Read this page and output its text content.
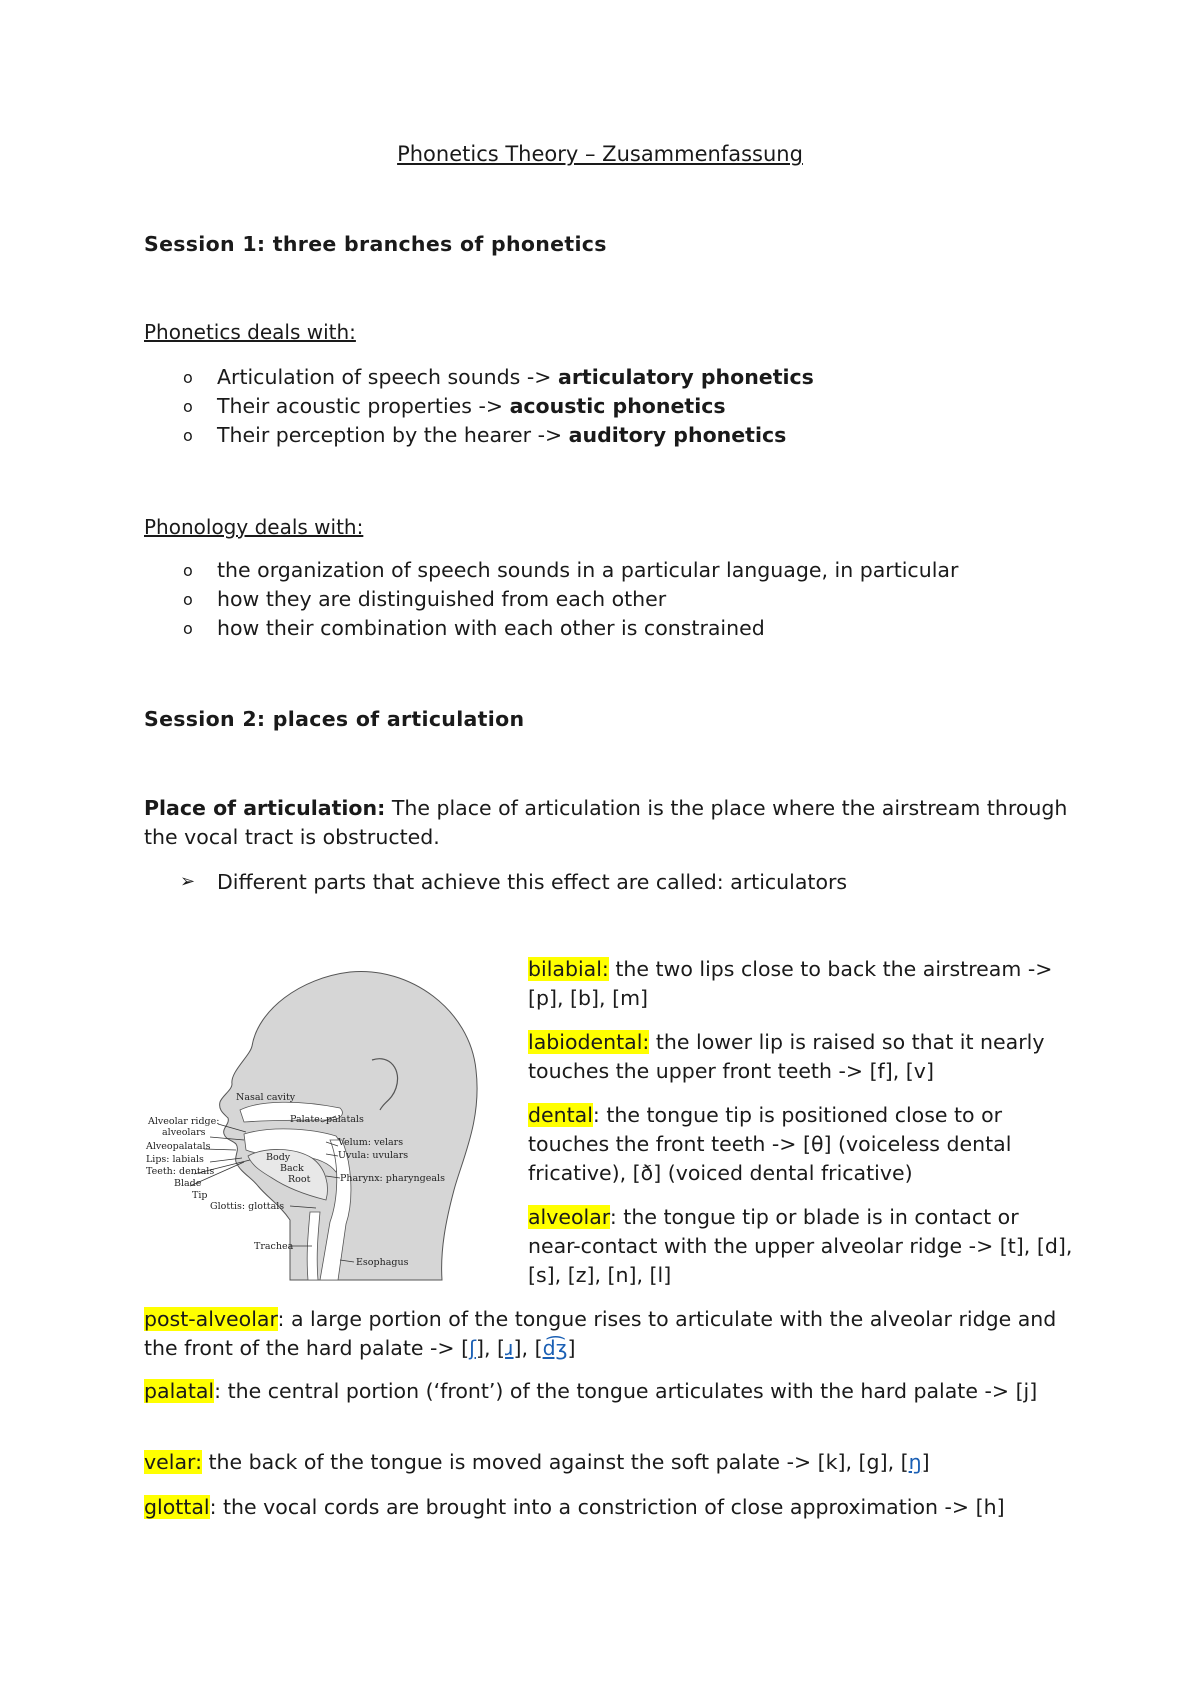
Phonetics Theory – Zusammenfassung
Session 1: three branches of phonetics
Phonetics deals with:
o Articulation of speech sounds -> articulatory phonetics
o Their acoustic properties -> acoustic phonetics
o Their perception by the hearer -> auditory phonetics
Phonology deals with:
o the organization of speech sounds in a particular language, in particular
o how they are distinguished from each other
o how their combination with each other is constrained
Session 2: places of articulation
Place of articulation: The place of articulation is the place where the airstream through the vocal tract is obstructed.
➢ Different parts that achieve this effect are called: articulators
Nasal cavity
Palate: palatals
Alveolar ridge:
alveolars
Alveopalatals
Lips: labials
Teeth: dentals
Blade
Tip
Body
Back
Root
Velum: velars
Uvula: uvulars
Pharynx: pharyngeals
Glottis: glottals
Trachea
Esophagus
bilabial: the two lips close to back the airstream -> [p], [b], [m]
labiodental: the lower lip is raised so that it nearly touches the upper front teeth -> [f], [v]
dental: the tongue tip is positioned close to or touches the front teeth -> [θ] (voiceless dental fricative), [ð] (voiced dental fricative)
alveolar: the tongue tip or blade is in contact or near-contact with the upper alveolar ridge -> [t], [d], [s], [z], [n], [l]
post-alveolar: a large portion of the tongue rises to articulate with the alveolar ridge and the front of the hard palate -> [ʃ], [ɹ], [d͡ʒ]
palatal: the central portion (‘front’) of the tongue articulates with the hard palate -> [j]
velar: the back of the tongue is moved against the soft palate -> [k], [g], [ŋ]
glottal: the vocal cords are brought into a constriction of close approximation -> [h]
